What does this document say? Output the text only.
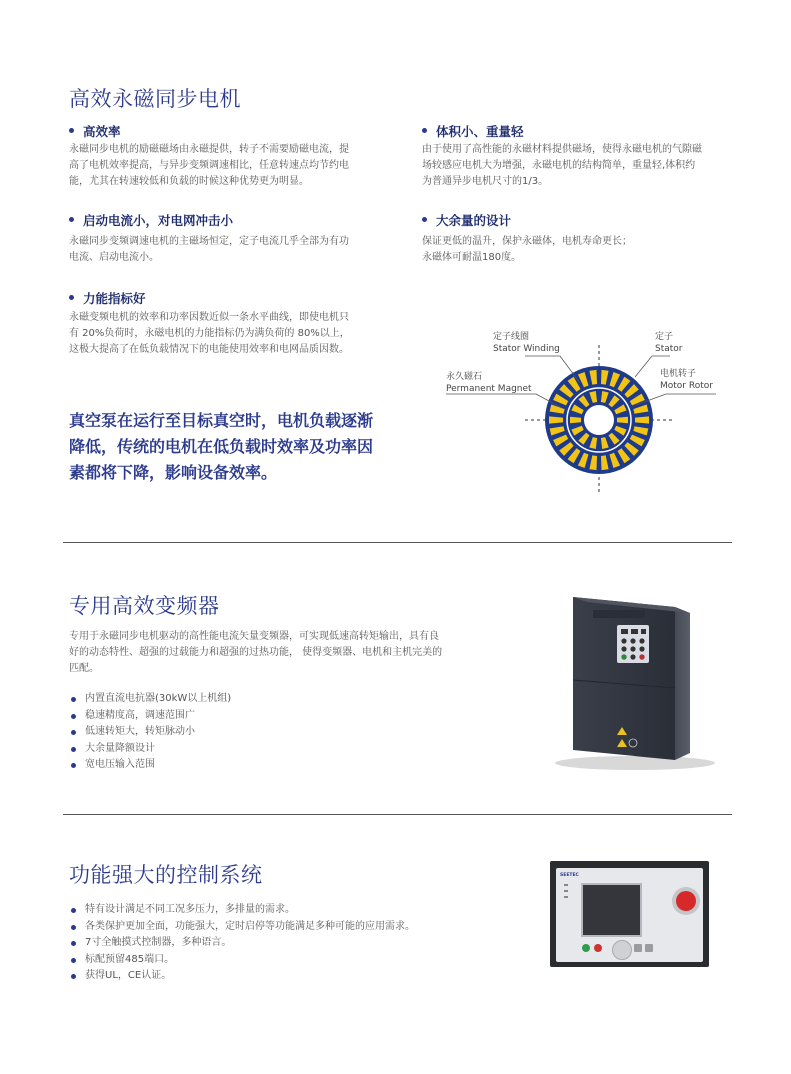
高效永磁同步电机
高效率
永磁同步电机的励磁磁场由永磁提供，转子不需要励磁电流，提
高了电机效率提高，与异步变频调速相比，任意转速点均节约电
能，尤其在转速较低和负载的时候这种优势更为明显。
启动电流小，对电网冲击小
永磁同步变频调速电机的主磁场恒定，定子电流几乎全部为有功
电流、启动电流小。
力能指标好
永磁变频电机的效率和功率因数近似一条水平曲线，即使电机只
有 20%负荷时，永磁电机的力能指标仍为满负荷的 80%以上，
这极大提高了在低负载情况下的电能使用效率和电网品质因数。
体积小、重量轻
由于使用了高性能的永磁材料提供磁场，使得永磁电机的气隙磁
场较感应电机大为增强，永磁电机的结构简单，重量轻,体积约
为普通异步电机尺寸的1/3。
大余量的设计
保证更低的温升，保护永磁体，电机寿命更长；
永磁体可耐温180度。
真空泵在运行至目标真空时，电机负载逐渐
降低，传统的电机在低负载时效率及功率因
素都将下降，影响设备效率。
定子线圈
Stator Winding
定子
Stator
永久磁石
Permanent Magnet
电机转子
Motor Rotor
专用高效变频器
专用于永磁同步电机驱动的高性能电流矢量变频器，可实现低速高转矩输出，具有良
好的动态特性、超强的过载能力和超强的过热功能， 使得变频器、电机和主机完美的
匹配。
内置直流电抗器(30kW以上机组)
稳速精度高，调速范围广
低速转矩大，转矩脉动小
大余量降额设计
宽电压输入范围
功能强大的控制系统
特有设计满足不同工况多压力，多排量的需求。
各类保护更加全面，功能强大，定时启停等功能满足多种可能的应用需求。
7寸全触摸式控制器，多种语言。
标配预留485端口。
获得UL，CE认证。
SEETEC
